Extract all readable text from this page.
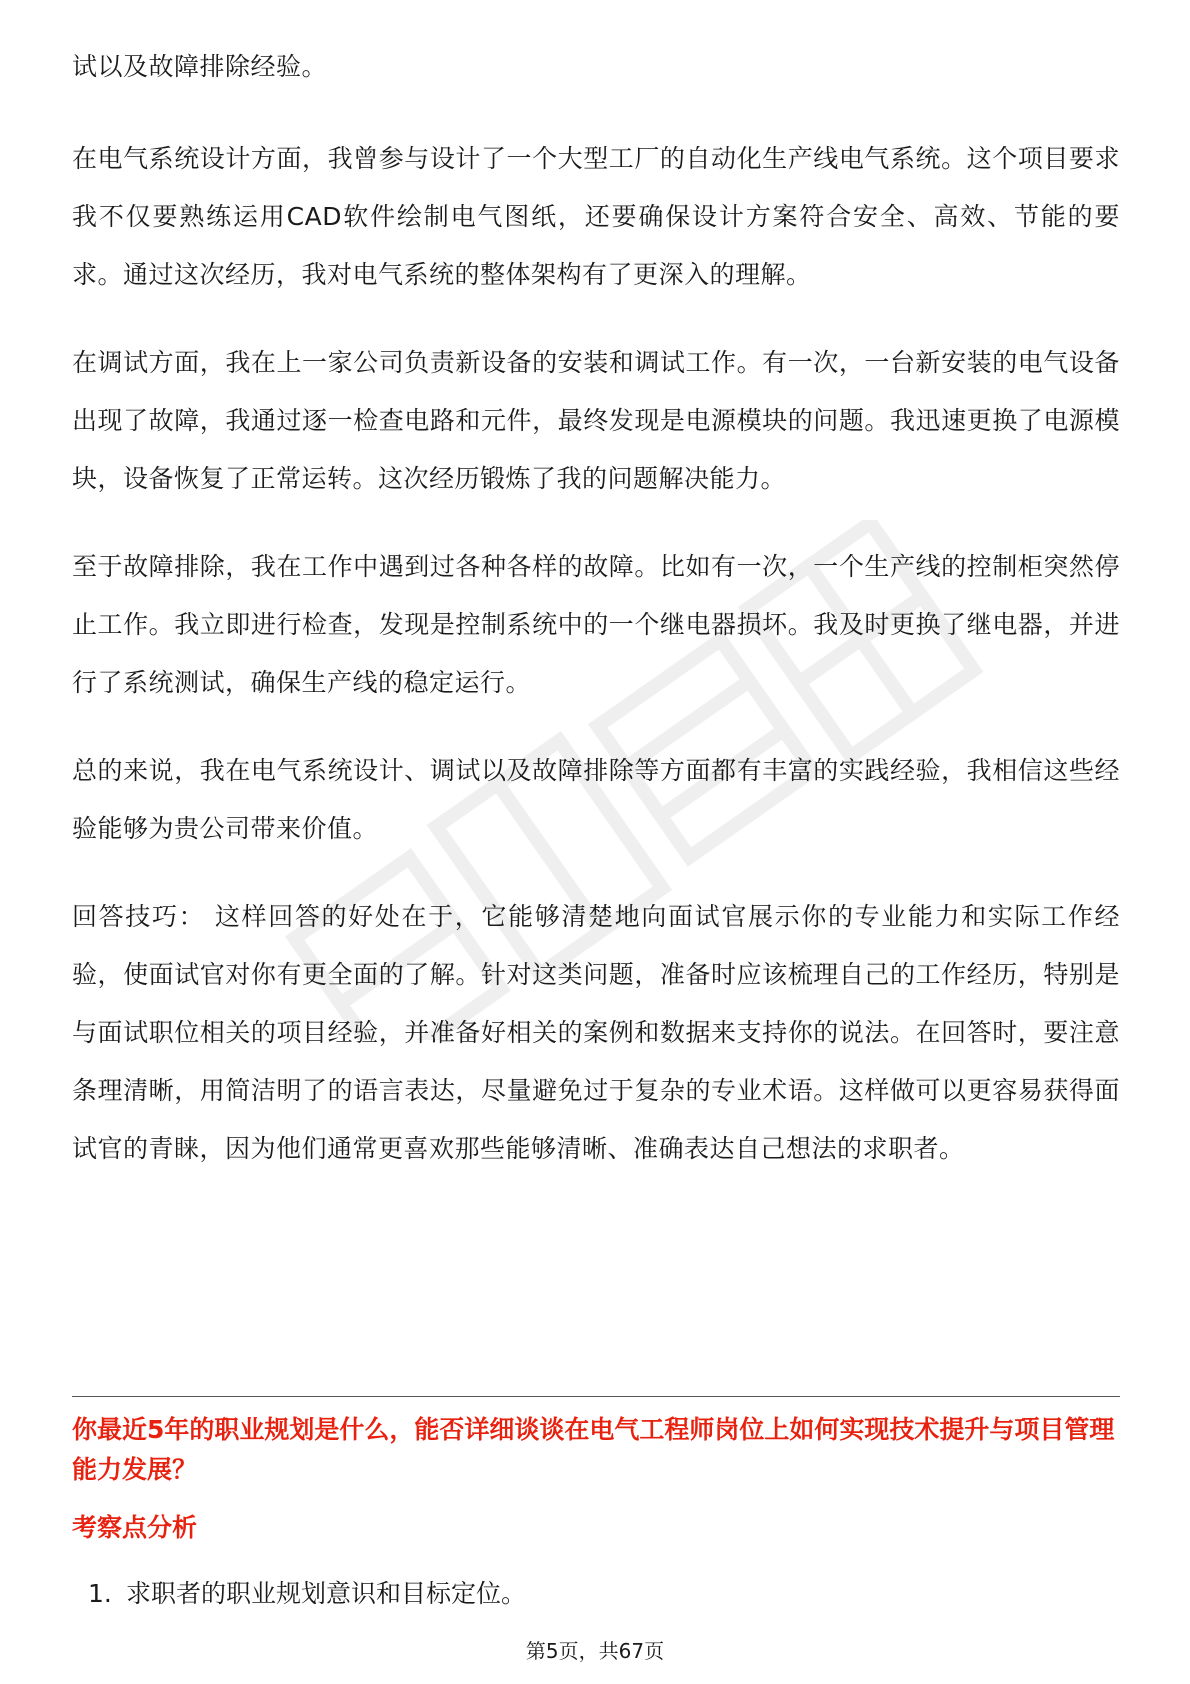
试以及故障排除经验。

在电气系统设计方面，我曾参与设计了一个大型工厂的自动化生产线电气系统。这个项目要求我不仅要熟练运用CAD软件绘制电气图纸，还要确保设计方案符合安全、高效、节能的要求。通过这次经历，我对电气系统的整体架构有了更深入的理解。

在调试方面，我在上一家公司负责新设备的安装和调试工作。有一次，一台新安装的电气设备出现了故障，我通过逐一检查电路和元件，最终发现是电源模块的问题。我迅速更换了电源模块，设备恢复了正常运转。这次经历锻炼了我的问题解决能力。

至于故障排除，我在工作中遇到过各种各样的故障。比如有一次，一个生产线的控制柜突然停止工作。我立即进行检查，发现是控制系统中的一个继电器损坏。我及时更换了继电器，并进行了系统测试，确保生产线的稳定运行。

总的来说，我在电气系统设计、调试以及故障排除等方面都有丰富的实践经验，我相信这些经验能够为贵公司带来价值。

回答技巧： 这样回答的好处在于，它能够清楚地向面试官展示你的专业能力和实际工作经验，使面试官对你有更全面的了解。针对这类问题，准备时应该梳理自己的工作经历，特别是与面试职位相关的项目经验，并准备好相关的案例和数据来支持你的说法。在回答时，要注意条理清晰，用简洁明了的语言表达，尽量避免过于复杂的专业术语。这样做可以更容易获得面试官的青睐，因为他们通常更喜欢那些能够清晰、准确表达自己想法的求职者。

你最近5年的职业规划是什么，能否详细谈谈在电气工程师岗位上如何实现技术提升与项目管理能力发展？

考察点分析

1. 求职者的职业规划意识和目标定位。
第5页，共67页
